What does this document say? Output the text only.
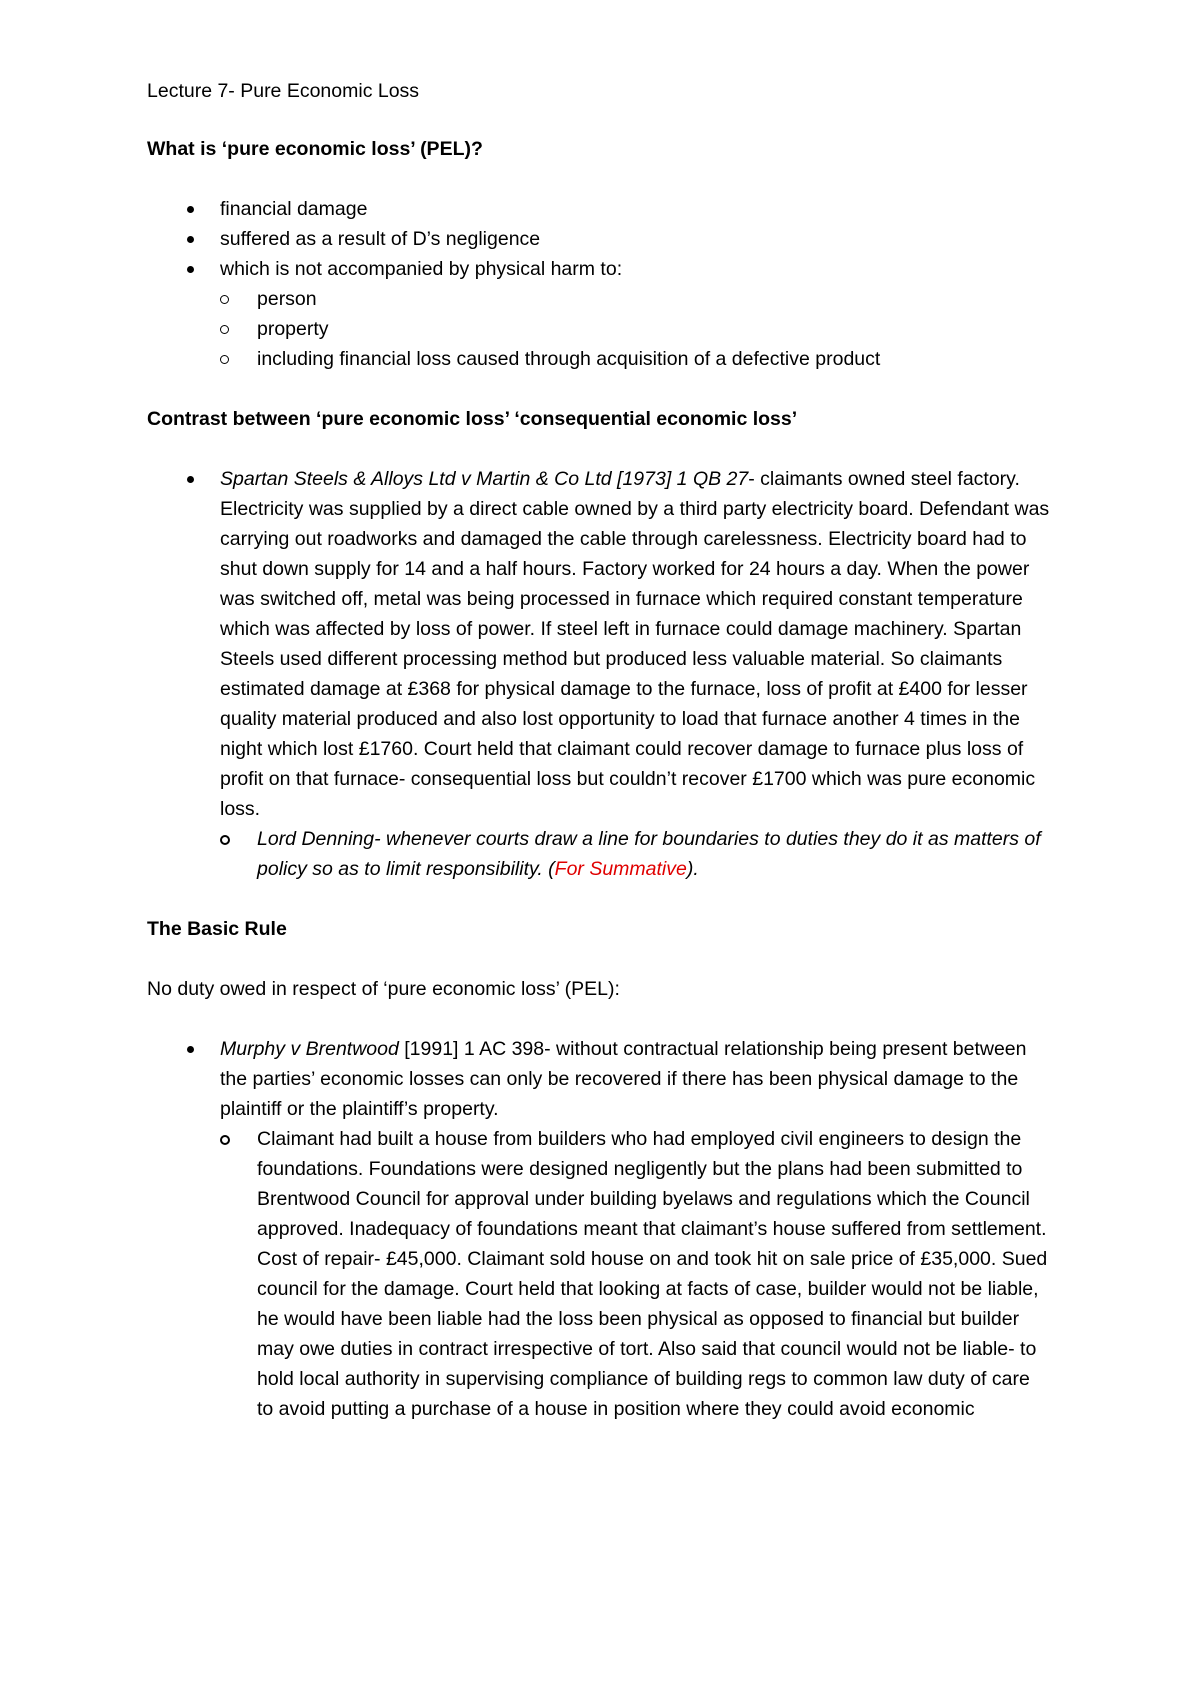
Lecture 7- Pure Economic Loss

What is ‘pure economic loss’ (PEL)?

financial damage
suffered as a result of D’s negligence
which is not accompanied by physical harm to:
person
property
including financial loss caused through acquisition of a defective product

Contrast between ‘pure economic loss’ ‘consequential economic loss’

Spartan Steels & Alloys Ltd v Martin & Co Ltd [1973] 1 QB 27- claimants owned steel factory. Electricity was supplied by a direct cable owned by a third party electricity board. Defendant was carrying out roadworks and damaged the cable through carelessness. Electricity board had to shut down supply for 14 and a half hours. Factory worked for 24 hours a day. When the power was switched off, metal was being processed in furnace which required constant temperature which was affected by loss of power. If steel left in furnace could damage machinery. Spartan Steels used different processing method but produced less valuable material. So claimants estimated damage at £368 for physical damage to the furnace, loss of profit at £400 for lesser quality material produced and also lost opportunity to load that furnace another 4 times in the night which lost £1760. Court held that claimant could recover damage to furnace plus loss of profit on that furnace- consequential loss but couldn’t recover £1700 which was pure economic loss.
Lord Denning- whenever courts draw a line for boundaries to duties they do it as matters of policy so as to limit responsibility. (For Summative).

The Basic Rule

No duty owed in respect of ‘pure economic loss’ (PEL):

Murphy v Brentwood [1991] 1 AC 398- without contractual relationship being present between the parties’ economic losses can only be recovered if there has been physical damage to the plaintiff or the plaintiff’s property.
Claimant had built a house from builders who had employed civil engineers to design the foundations. Foundations were designed negligently but the plans had been submitted to Brentwood Council for approval under building byelaws and regulations which the Council approved. Inadequacy of foundations meant that claimant’s house suffered from settlement. Cost of repair- £45,000. Claimant sold house on and took hit on sale price of £35,000. Sued council for the damage. Court held that looking at facts of case, builder would not be liable, he would have been liable had the loss been physical as opposed to financial but builder may owe duties in contract irrespective of tort. Also said that council would not be liable- to hold local authority in supervising compliance of building regs to common law duty of care to avoid putting a purchase of a house in position where they could avoid economic
